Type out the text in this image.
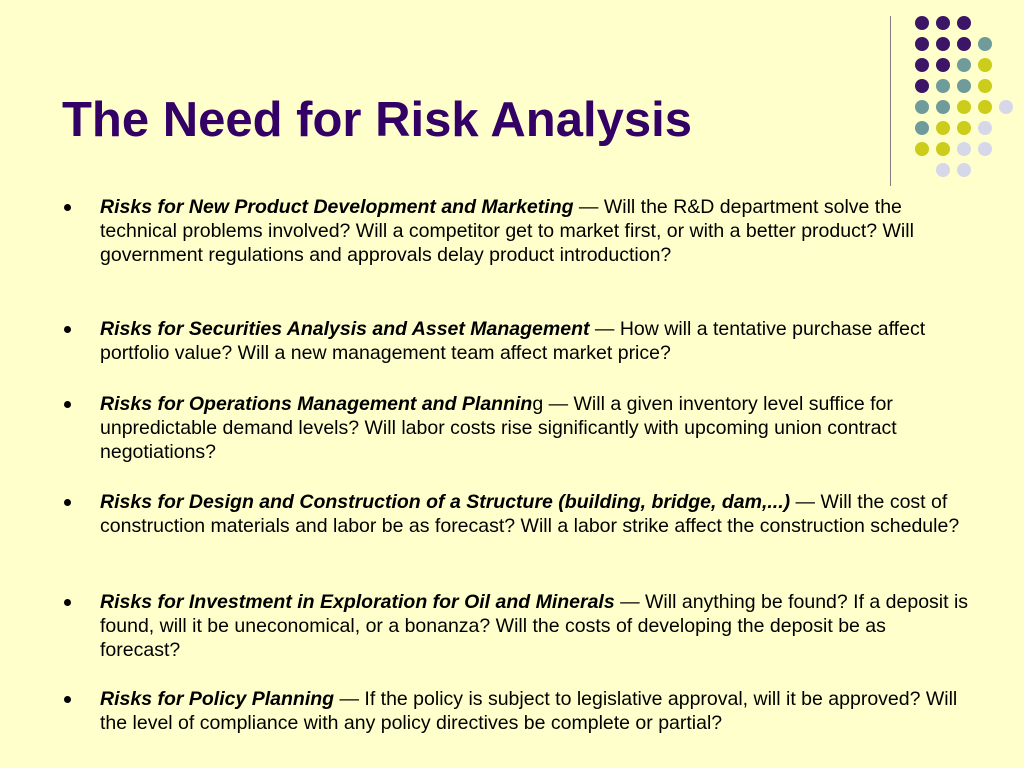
The Need for Risk Analysis
Risks for New Product Development and Marketing — Will the R&D department solve the technical problems involved? Will a competitor get to market first, or with a better product? Will government regulations and approvals delay product introduction?
Risks for Securities Analysis and Asset Management — How will a tentative purchase affect portfolio value? Will a new management team affect market price?
Risks for Operations Management and Planning — Will a given inventory level suffice for unpredictable demand levels? Will labor costs rise significantly with upcoming union contract negotiations?
Risks for Design and Construction of a Structure (building, bridge, dam,...) — Will the cost of construction materials and labor be as forecast? Will a labor strike affect the construction schedule?
Risks for Investment in Exploration for Oil and Minerals — Will anything be found? If a deposit is found, will it be uneconomical, or a bonanza? Will the costs of developing the deposit be as forecast?
Risks for Policy Planning — If the policy is subject to legislative approval, will it be approved? Will the level of compliance with any policy directives be complete or partial?
